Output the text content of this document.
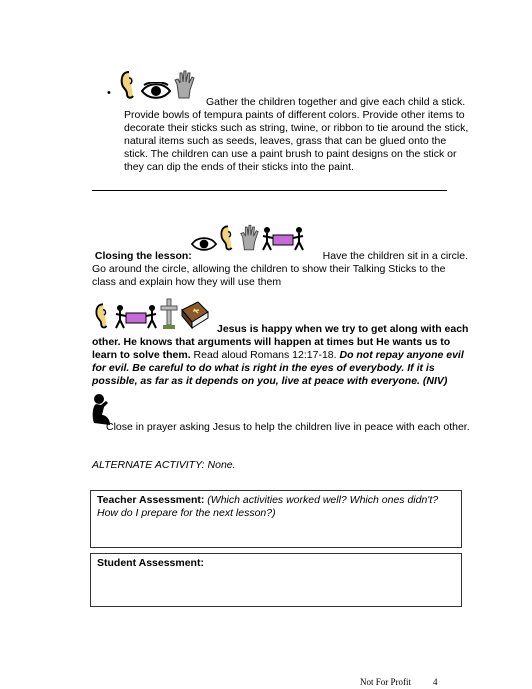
•
Gather the children together and give each child a stick. Provide bowls of tempura paints of different colors. Provide other items to decorate their sticks such as string, twine, or ribbon to tie around the stick, natural items such as seeds, leaves, grass that can be glued onto the stick. The children can use a paint brush to paint designs on the stick or they can dip the ends of their sticks into the paint.
Closing the lesson:	Have the children sit in a circle. Go around the circle, allowing the children to show their Talking Sticks to the class and explain how they will use them
Jesus is happy when we try to get along with each other. He knows that arguments will happen at times but He wants us to learn to solve them. Read aloud Romans 12:17-18. Do not repay anyone evil for evil. Be careful to do what is right in the eyes of everybody. If it is possible, as far as it depends on you, live at peace with everyone. (NIV)
Close in prayer asking Jesus to help the children live in peace with each other.
ALTERNATE ACTIVITY: None.
Teacher Assessment: (Which activities worked well? Which ones didn't? How do I prepare for the next lesson?)
Student Assessment:
Not For Profit 4
